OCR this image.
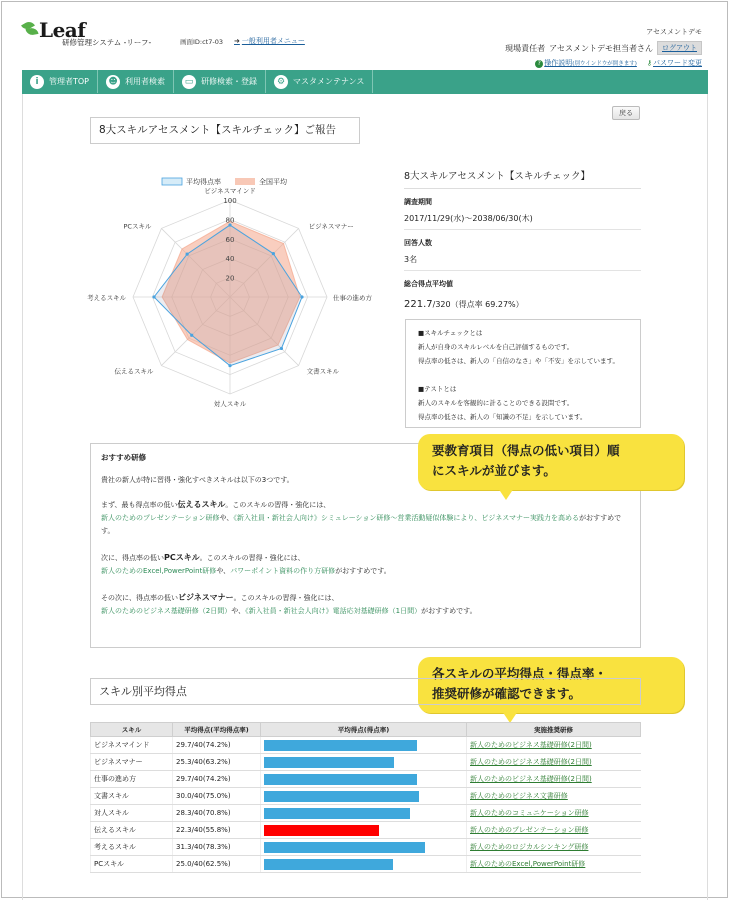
Leaf
研修管理システム -リーフ-	画面ID:ct7-03 ➜ 一般利用者メニュー
アセスメントデモ
現場責任者 アセスメントデモ担当者さん	ログアウト
? 操作説明(別ウインドウが開きます) ⚷パスワード変更
i	管理者TOP ☻ 利用者検索	▭ 研修検索・登録	⚙ マスタメンテナンス
戻る
8大スキルアセスメント【スキルチェック】ご報告
平均得点率	全国平均
20
40
60
80
100
ビジネスマインド
ビジネスマナー
仕事の進め方
文書スキル
対人スキル
伝えるスキル
考えるスキル
PCスキル
8大スキルアセスメント【スキルチェック】
調査期間
2017/11/29(水)〜2038/06/30(木)
回答人数
3名
総合得点平均値
221.7/320（得点率 69.27%）
■スキルチェックとは
新人が自身のスキルレベルを自己評価するものです。
得点率の低さは、新人の「自信のなさ」や「不安」を示しています。
■テストとは
新人のスキルを客観的に計ることのできる設問です。
得点率の低さは、新人の「知識の不足」を示しています。
おすすめ研修

貴社の新人が特に習得・強化すべきスキルは以下の3つです。

まず、最も得点率の低い伝えるスキル。このスキルの習得・強化には、
新人のためのプレゼンテーション研修や、《新入社員・新社会人向け》シミュレーション研修〜営業活動疑似体験により、ビジネスマナー実践力を高めるがおすすめです。

次に、得点率の低いPCスキル。このスキルの習得・強化には、
新人のためのExcel,PowerPoint研修や、パワーポイント資料の作り方研修がおすすめです。

その次に、得点率の低いビジネスマナー。このスキルの習得・強化には、
新人のためのビジネス基礎研修（2日間）や、《新入社員・新社会人向け》電話応対基礎研修（1日間）がおすすめです。

要教育項目（得点の低い項目）順
にスキルが並びます。
各スキルの平均得点・得点率・
推奨研修が確認できます。
スキル別平均得点
スキル	平均得点(平均得点率)	平均得点(得点率)	実施推奨研修
ビジネスマインド	29.7/40(74.2%)		新人のためのビジネス基礎研修(2日間)
ビジネスマナー	25.3/40(63.2%)		新人のためのビジネス基礎研修(2日間)
仕事の進め方	29.7/40(74.2%)		新人のためのビジネス基礎研修(2日間)
文書スキル	30.0/40(75.0%)		新人のためのビジネス文書研修
対人スキル	28.3/40(70.8%)		新人のためのコミュニケーション研修
伝えるスキル	22.3/40(55.8%)		新人のためのプレゼンテーション研修
考えるスキル	31.3/40(78.3%)		新人のためのロジカルシンキング研修
PCスキル	25.0/40(62.5%)		新人のためのExcel,PowerPoint研修
